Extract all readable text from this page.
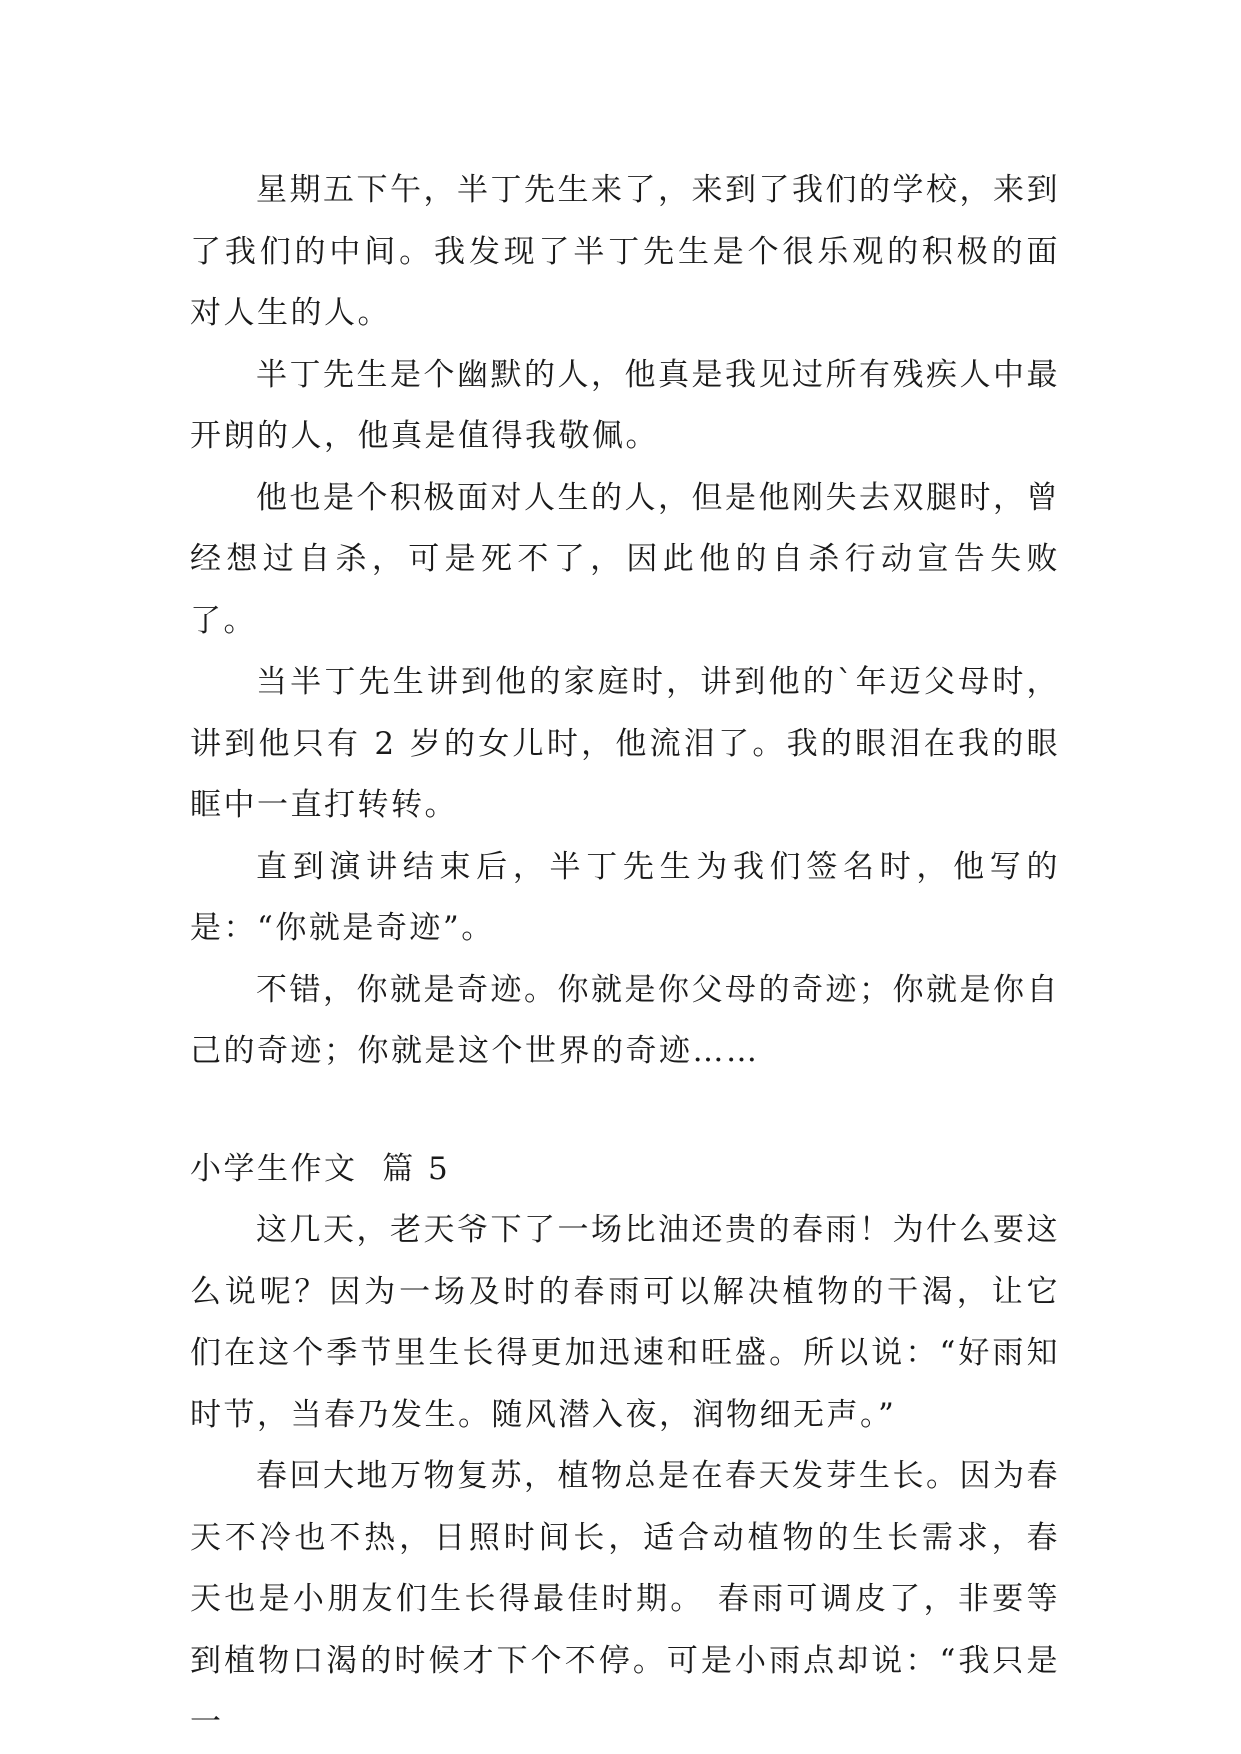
星期五下午，半丁先生来了，来到了我们的学校，来到了我们的中间。我发现了半丁先生是个很乐观的积极的面对人生的人。

半丁先生是个幽默的人，他真是我见过所有残疾人中最开朗的人，他真是值得我敬佩。

他也是个积极面对人生的人，但是他刚失去双腿时，曾经想过自杀，可是死不了，因此他的自杀行动宣告失败了。

当半丁先生讲到他的家庭时，讲到他的`年迈父母时，讲到他只有 2 岁的女儿时，他流泪了。我的眼泪在我的眼眶中一直打转转。

直到演讲结束后，半丁先生为我们签名时，他写的是：“你就是奇迹”。

不错，你就是奇迹。你就是你父母的奇迹；你就是你自己的奇迹；你就是这个世界的奇迹……

小学生作文  篇 5

这几天，老天爷下了一场比油还贵的春雨！为什么要这么说呢？因为一场及时的春雨可以解决植物的干渴，让它们在这个季节里生长得更加迅速和旺盛。所以说：“好雨知时节，当春乃发生。随风潜入夜，润物细无声。”

春回大地万物复苏，植物总是在春天发芽生长。因为春天不冷也不热，日照时间长，适合动植物的生长需求，春天也是小朋友们生长得最佳时期。 春雨可调皮了，非要等到植物口渴的时候才下个不停。可是小雨点却说：“我只是一
